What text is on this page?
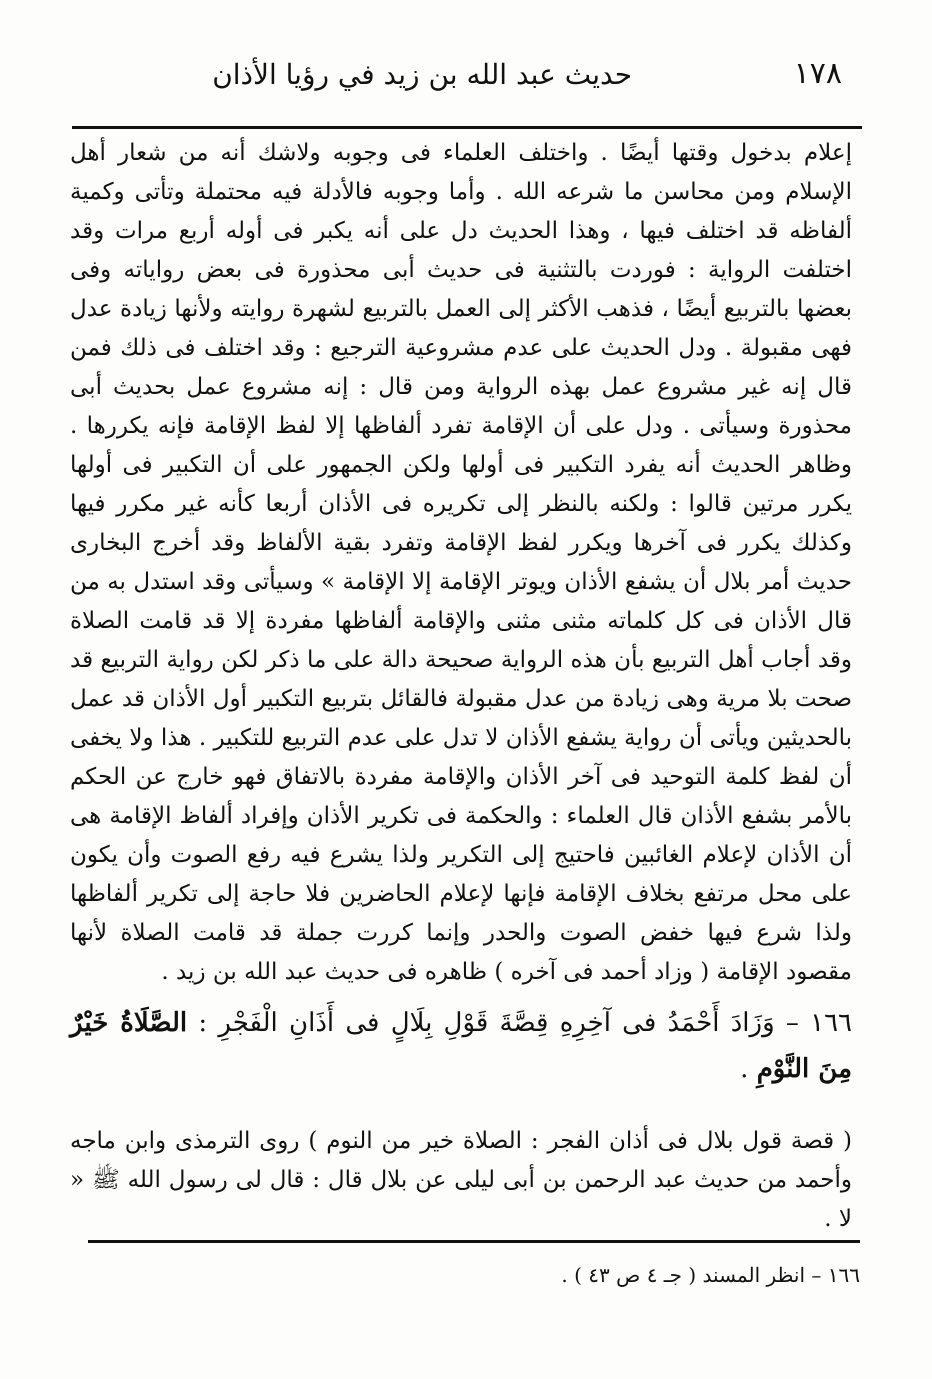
١٧٨
حديث عبد الله بن زيد في رؤيا الأذان

إعلام بدخول وقتها أيضًا . واختلف العلماء فى وجوبه ولاشك أنه من شعار أهل الإسلام ومن محاسن ما شرعه الله . وأما وجوبه فالأدلة فيه محتملة وتأتى وكمية ألفاظه قد اختلف فيها ، وهذا الحديث دل على أنه يكبر فى أوله أربع مرات وقد اختلفت الرواية : فوردت بالتثنية فى حديث أبى محذورة فى بعض رواياته وفى بعضها بالتربيع أيضًا ، فذهب الأكثر إلى العمل بالتربيع لشهرة روايته ولأنها زيادة عدل فهى مقبولة . ودل الحديث على عدم مشروعية الترجيع : وقد اختلف فى ذلك فمن قال إنه غير مشروع عمل بهذه الرواية ومن قال : إنه مشروع عمل بحديث أبى محذورة وسيأتى . ودل على أن الإقامة تفرد ألفاظها إلا لفظ الإقامة فإنه يكررها . وظاهر الحديث أنه يفرد التكبير فى أولها ولكن الجمهور على أن التكبير فى أولها يكرر مرتين قالوا : ولكنه بالنظر إلى تكريره فى الأذان أربعا كأنه غير مكرر فيها وكذلك يكرر فى آخرها ويكرر لفظ الإقامة وتفرد بقية الألفاظ وقد أخرج البخارى حديث أمر بلال أن يشفع الأذان ويوتر الإقامة إلا الإقامة » وسيأتى وقد استدل به من قال الأذان فى كل كلماته مثنى مثنى والإقامة ألفاظها مفردة إلا قد قامت الصلاة وقد أجاب أهل التربيع بأن هذه الرواية صحيحة دالة على ما ذكر لكن رواية التربيع قد صحت بلا مرية وهى زيادة من عدل مقبولة فالقائل بتربيع التكبير أول الأذان قد عمل بالحديثين ويأتى أن رواية يشفع الأذان لا تدل على عدم التربيع للتكبير . هذا ولا يخفى أن لفظ كلمة التوحيد فى آخر الأذان والإقامة مفردة بالاتفاق فهو خارج عن الحكم بالأمر بشفع الأذان قال العلماء : والحكمة فى تكرير الأذان وإفراد ألفاظ الإقامة هى أن الأذان لإعلام الغائبين فاحتيج إلى التكرير ولذا يشرع فيه رفع الصوت وأن يكون على محل مرتفع بخلاف الإقامة فإنها لإعلام الحاضرين فلا حاجة إلى تكرير ألفاظها ولذا شرع فيها خفض الصوت والحدر وإنما كررت جملة قد قامت الصلاة لأنها مقصود الإقامة ( وزاد أحمد فى آخره ) ظاهره فى حديث عبد الله بن زيد .

١٦٦ – وَزَادَ أَحْمَدُ فى آخِرِهِ قِصَّةَ قَوْلِ بِلَالٍ فى أَذَانِ الْفَجْرِ : الصَّلَاةُ خَيْرٌ مِنَ النَّوْمِ .
( قصة قول بلال فى أذان الفجر : الصلاة خير من النوم ) روى الترمذى وابن ماجه وأحمد من حديث عبد الرحمن بن أبى ليلى عن بلال قال : قال لى رسول الله ﷺ « لا .
١٦٦ – انظر المسند ( جـ ٤ ص ٤٣ ) .
